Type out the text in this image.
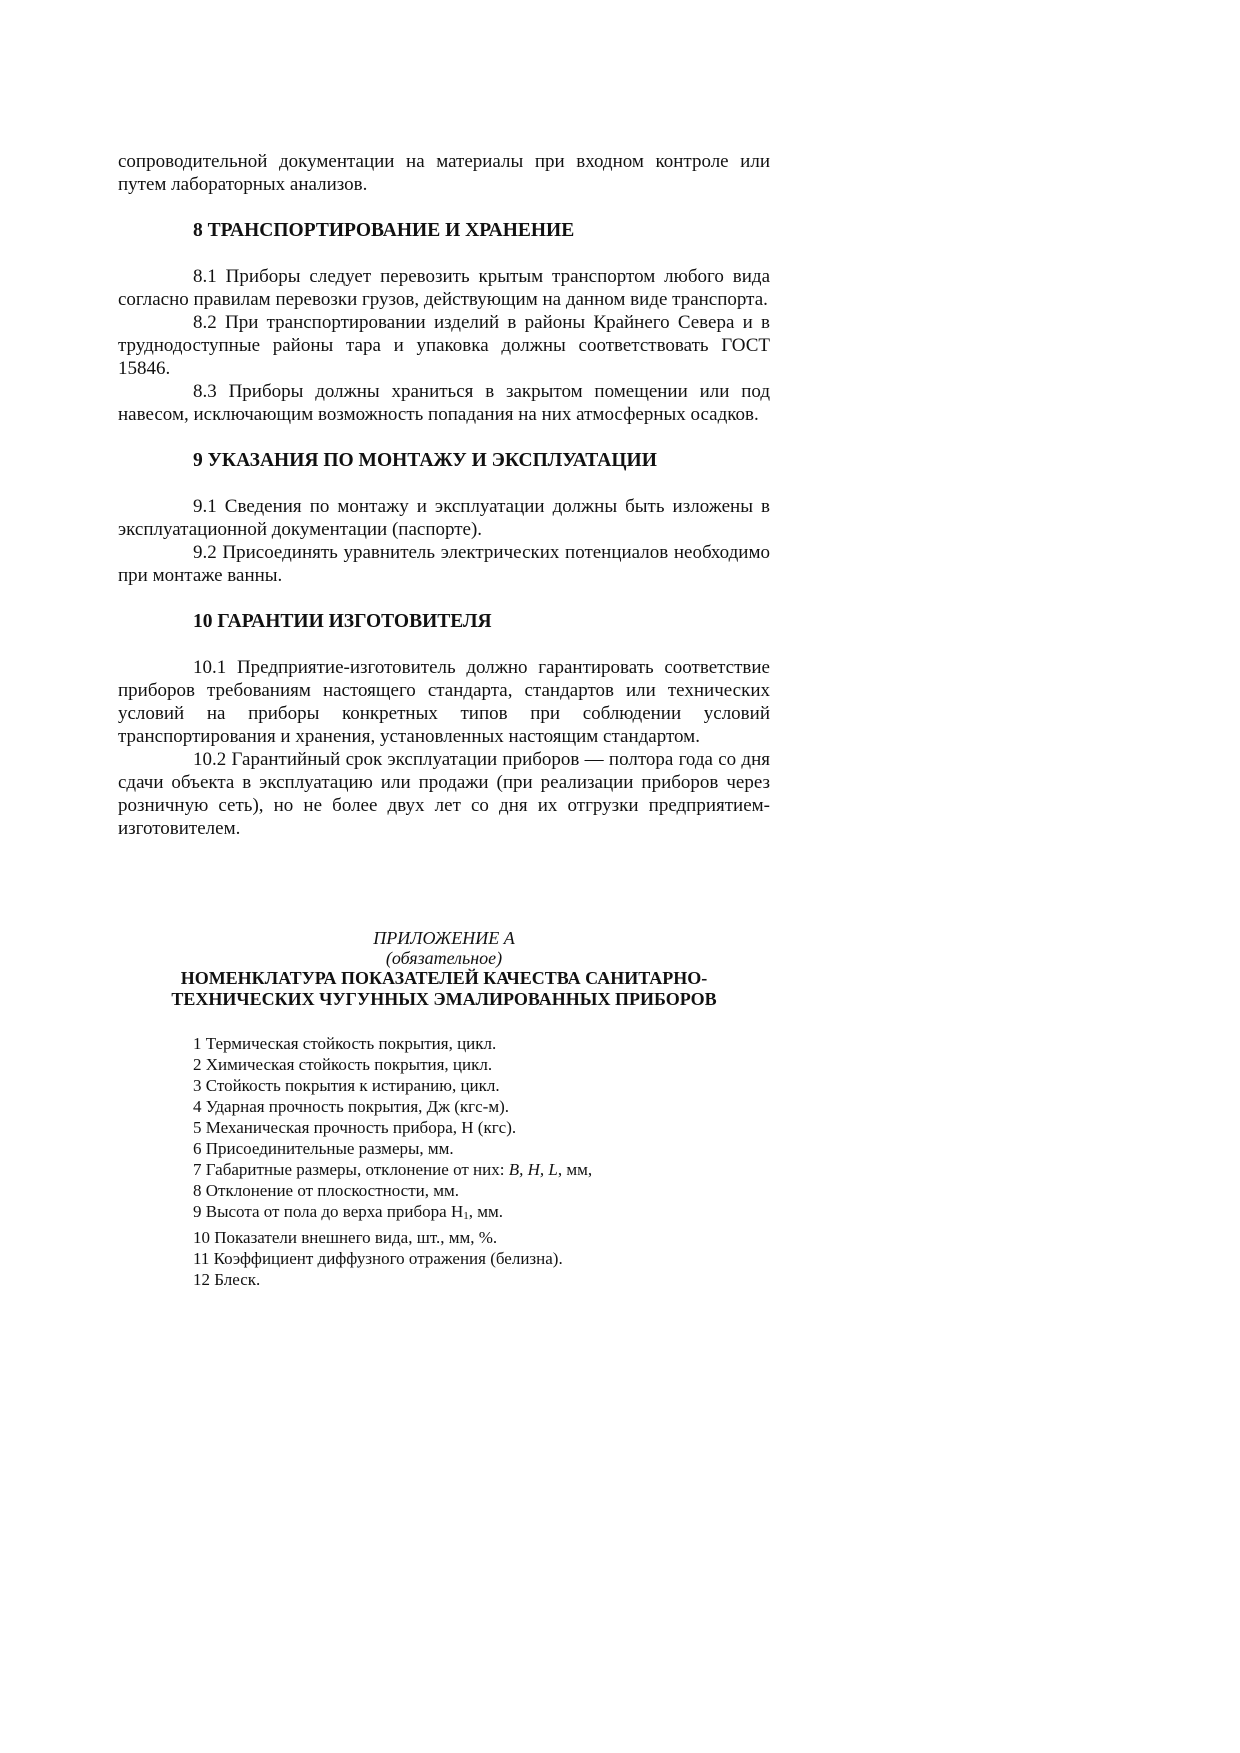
сопроводительной документации на материалы при входном контроле или путем лабораторных анализов.

8 ТРАНСПОРТИРОВАНИЕ И ХРАНЕНИЕ

8.1 Приборы следует перевозить крытым транспортом любого вида согласно правилам перевозки грузов, действующим на данном виде транспорта.

8.2 При транспортировании изделий в районы Крайнего Севера и в труднодоступные районы тара и упаковка должны соответствовать ГОСТ 15846.

8.3 Приборы должны храниться в закрытом помещении или под навесом, исключающим возможность попадания на них атмосферных осадков.

9 УКАЗАНИЯ ПО МОНТАЖУ И ЭКСПЛУАТАЦИИ

9.1 Сведения по монтажу и эксплуатации должны быть изложены в эксплуатационной документации (паспорте).

9.2 Присоединять уравнитель электрических потенциалов необходимо при монтаже ванны.

10 ГАРАНТИИ ИЗГОТОВИТЕЛЯ

10.1 Предприятие-изготовитель должно гарантировать соответствие приборов требованиям настоящего стандарта, стандартов или технических условий на приборы конкретных типов при соблюдении условий транспортирования и хранения, установленных настоящим стандартом.

10.2 Гарантийный срок эксплуатации приборов — полтора года со дня сдачи объекта в эксплуатацию или продажи (при реализации приборов через розничную сеть), но не более двух лет со дня их отгрузки предприятием-изготовителем.

ПРИЛОЖЕНИЕ А

(обязательное)

НОМЕНКЛАТУРА ПОКАЗАТЕЛЕЙ КАЧЕСТВА САНИТАРНО-

ТЕХНИЧЕСКИХ ЧУГУННЫХ ЭМАЛИРОВАННЫХ ПРИБОРОВ

1 Термическая стойкость покрытия, цикл.
2 Химическая стойкость покрытия, цикл.
3 Стойкость покрытия к истиранию, цикл.
4 Ударная прочность покрытия, Дж (кгс-м).
5 Механическая прочность прибора, Н (кгс).
6 Присоединительные размеры, мм.
7 Габаритные размеры, отклонение от них: B, H, L, мм,
8 Отклонение от плоскостности, мм.
9 Высота от пола до верха прибора $Н_1$, мм.
10 Показатели внешнего вида, шт., мм, %.
11 Коэффициент диффузного отражения (белизна).
12 Блеск.
